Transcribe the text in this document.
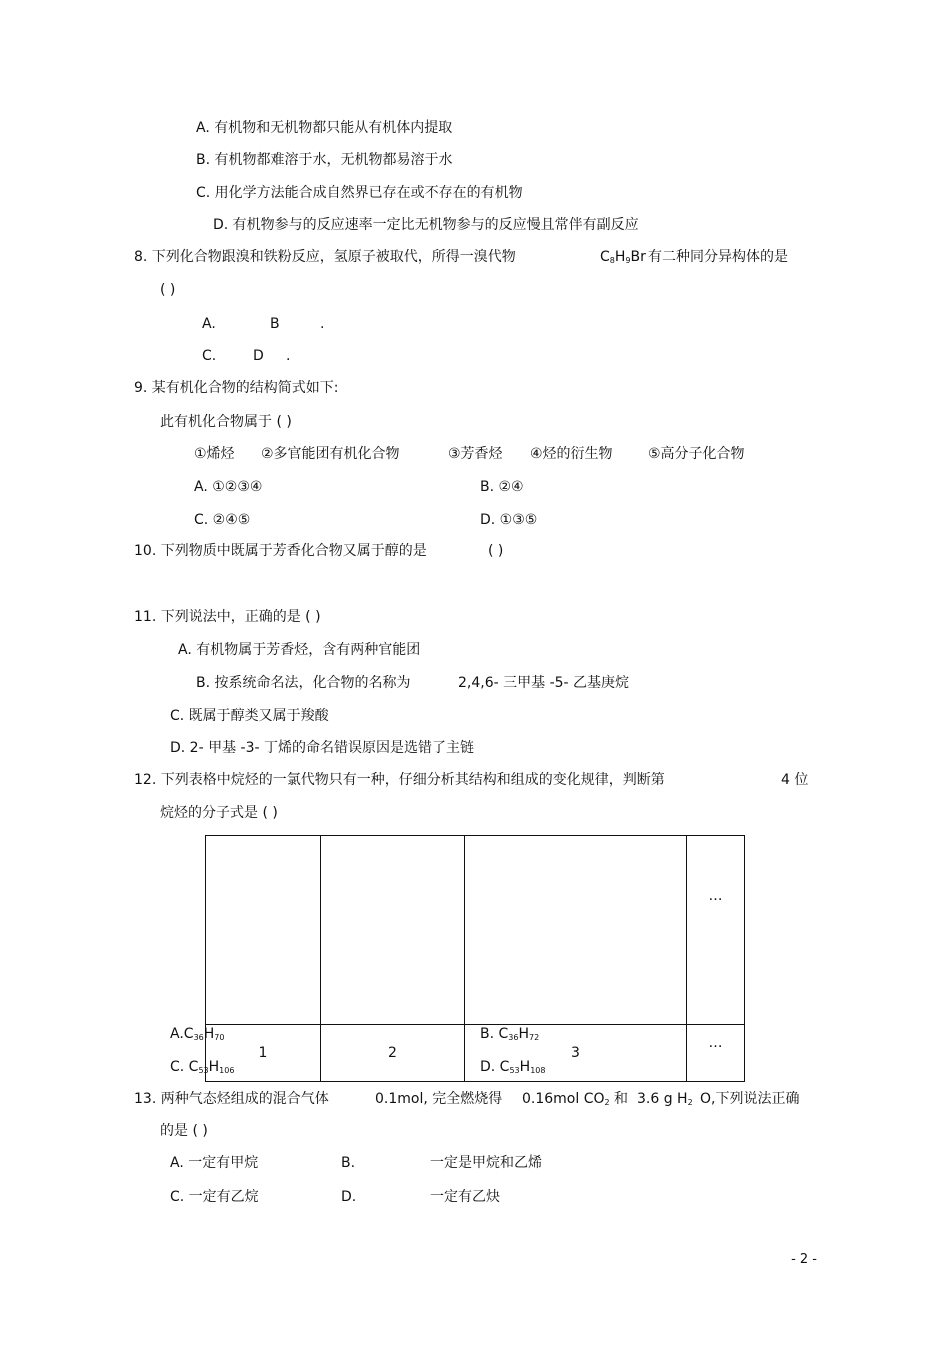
A. 有机物和无机物都只能从有机体内提取
B. 有机物都难溶于水，无机物都易溶于水
C. 用化学方法能合成自然界已存在或不存在的有机物
D. 有机物参与的反应速率一定比无机物参与的反应慢且常伴有副反应
8. 下列化合物跟溴和铁粉反应，氢原子被取代，所得一溴代物	$C_8H_9Br$ 有二种同分异构体的是
( )
A.	B	.
C.	D .
9. 某有机化合物的结构简式如下:
此有机化合物属于 ( )
①烯烃 ②多官能团有机化合物	③芳香烃 ④烃的衍生物	⑤高分子化合物
A. ①②③④	B. ②④
C. ②④⑤	D. ①③⑤
10. 下列物质中既属于芳香化合物又属于醇的是	( )
11. 下列说法中，正确的是 ( )
A. 有机物属于芳香烃，含有两种官能团
B. 按系统命名法，化合物的名称为	2,4,6- 三甲基 -5- 乙基庚烷
C. 既属于醇类又属于羧酸
D. 2- 甲基 -3- 丁烯的命名错误原因是选错了主链
12. 下列表格中烷烃的一氯代物只有一种，仔细分析其结构和组成的变化规律，判断第	4 位
烷烃的分子式是 ( )
			…
1	2	3	…
$A.C_{36}H_{70}$	B. $C_{36}H_{72}$
C. $C_{53}H_{106}$	D. $C_{53}H_{108}$
13. 两种气态烃组成的混合气体	0.1mol, 完全燃烧得 0.16mol $CO_2$ 和 3.6 g $H_2$ O,下列说法正确
的是 ( )
A. 一定有甲烷	B.	一定是甲烷和乙烯
C. 一定有乙烷	D.	一定有乙炔
- 2 -
